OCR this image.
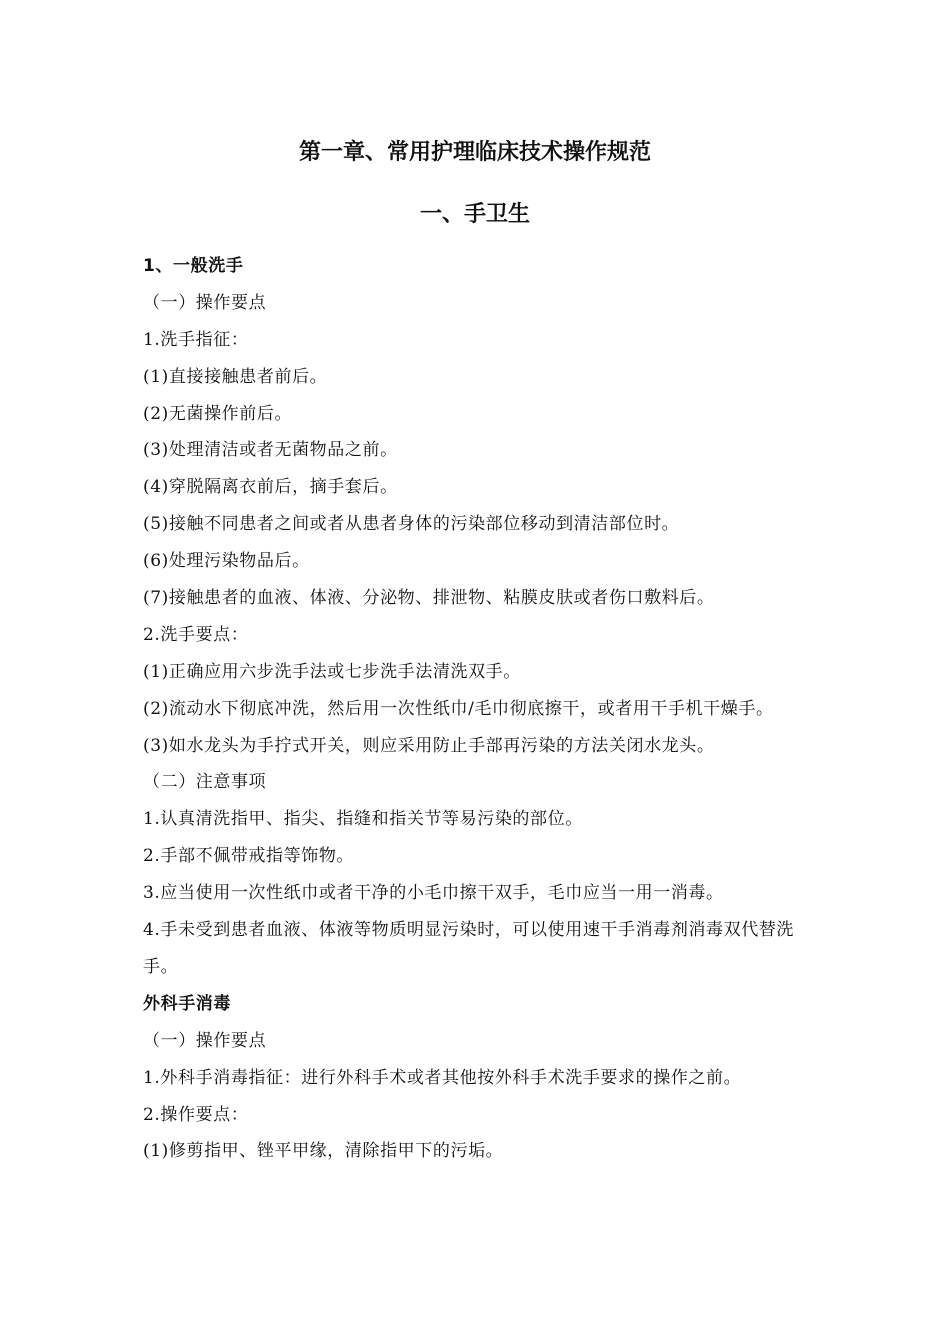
第一章、常用护理临床技术操作规范
一、手卫生
1、一般洗手
（一）操作要点
1.洗手指征：
(1)直接接触患者前后。
(2)无菌操作前后。
(3)处理清洁或者无菌物品之前。
(4)穿脱隔离衣前后，摘手套后。
(5)接触不同患者之间或者从患者身体的污染部位移动到清洁部位时。
(6)处理污染物品后。
(7)接触患者的血液、体液、分泌物、排泄物、粘膜皮肤或者伤口敷料后。
2.洗手要点：
(1)正确应用六步洗手法或七步洗手法清洗双手。
(2)流动水下彻底冲洗，然后用一次性纸巾/毛巾彻底擦干，或者用干手机干燥手。
(3)如水龙头为手拧式开关，则应采用防止手部再污染的方法关闭水龙头。
（二）注意事项
1.认真清洗指甲、指尖、指缝和指关节等易污染的部位。
2.手部不佩带戒指等饰物。
3.应当使用一次性纸巾或者干净的小毛巾擦干双手，毛巾应当一用一消毒。
4.手未受到患者血液、体液等物质明显污染时，可以使用速干手消毒剂消毒双代替洗手。
外科手消毒
（一）操作要点
1.外科手消毒指征：进行外科手术或者其他按外科手术洗手要求的操作之前。
2.操作要点：
(1)修剪指甲、锉平甲缘，清除指甲下的污垢。
